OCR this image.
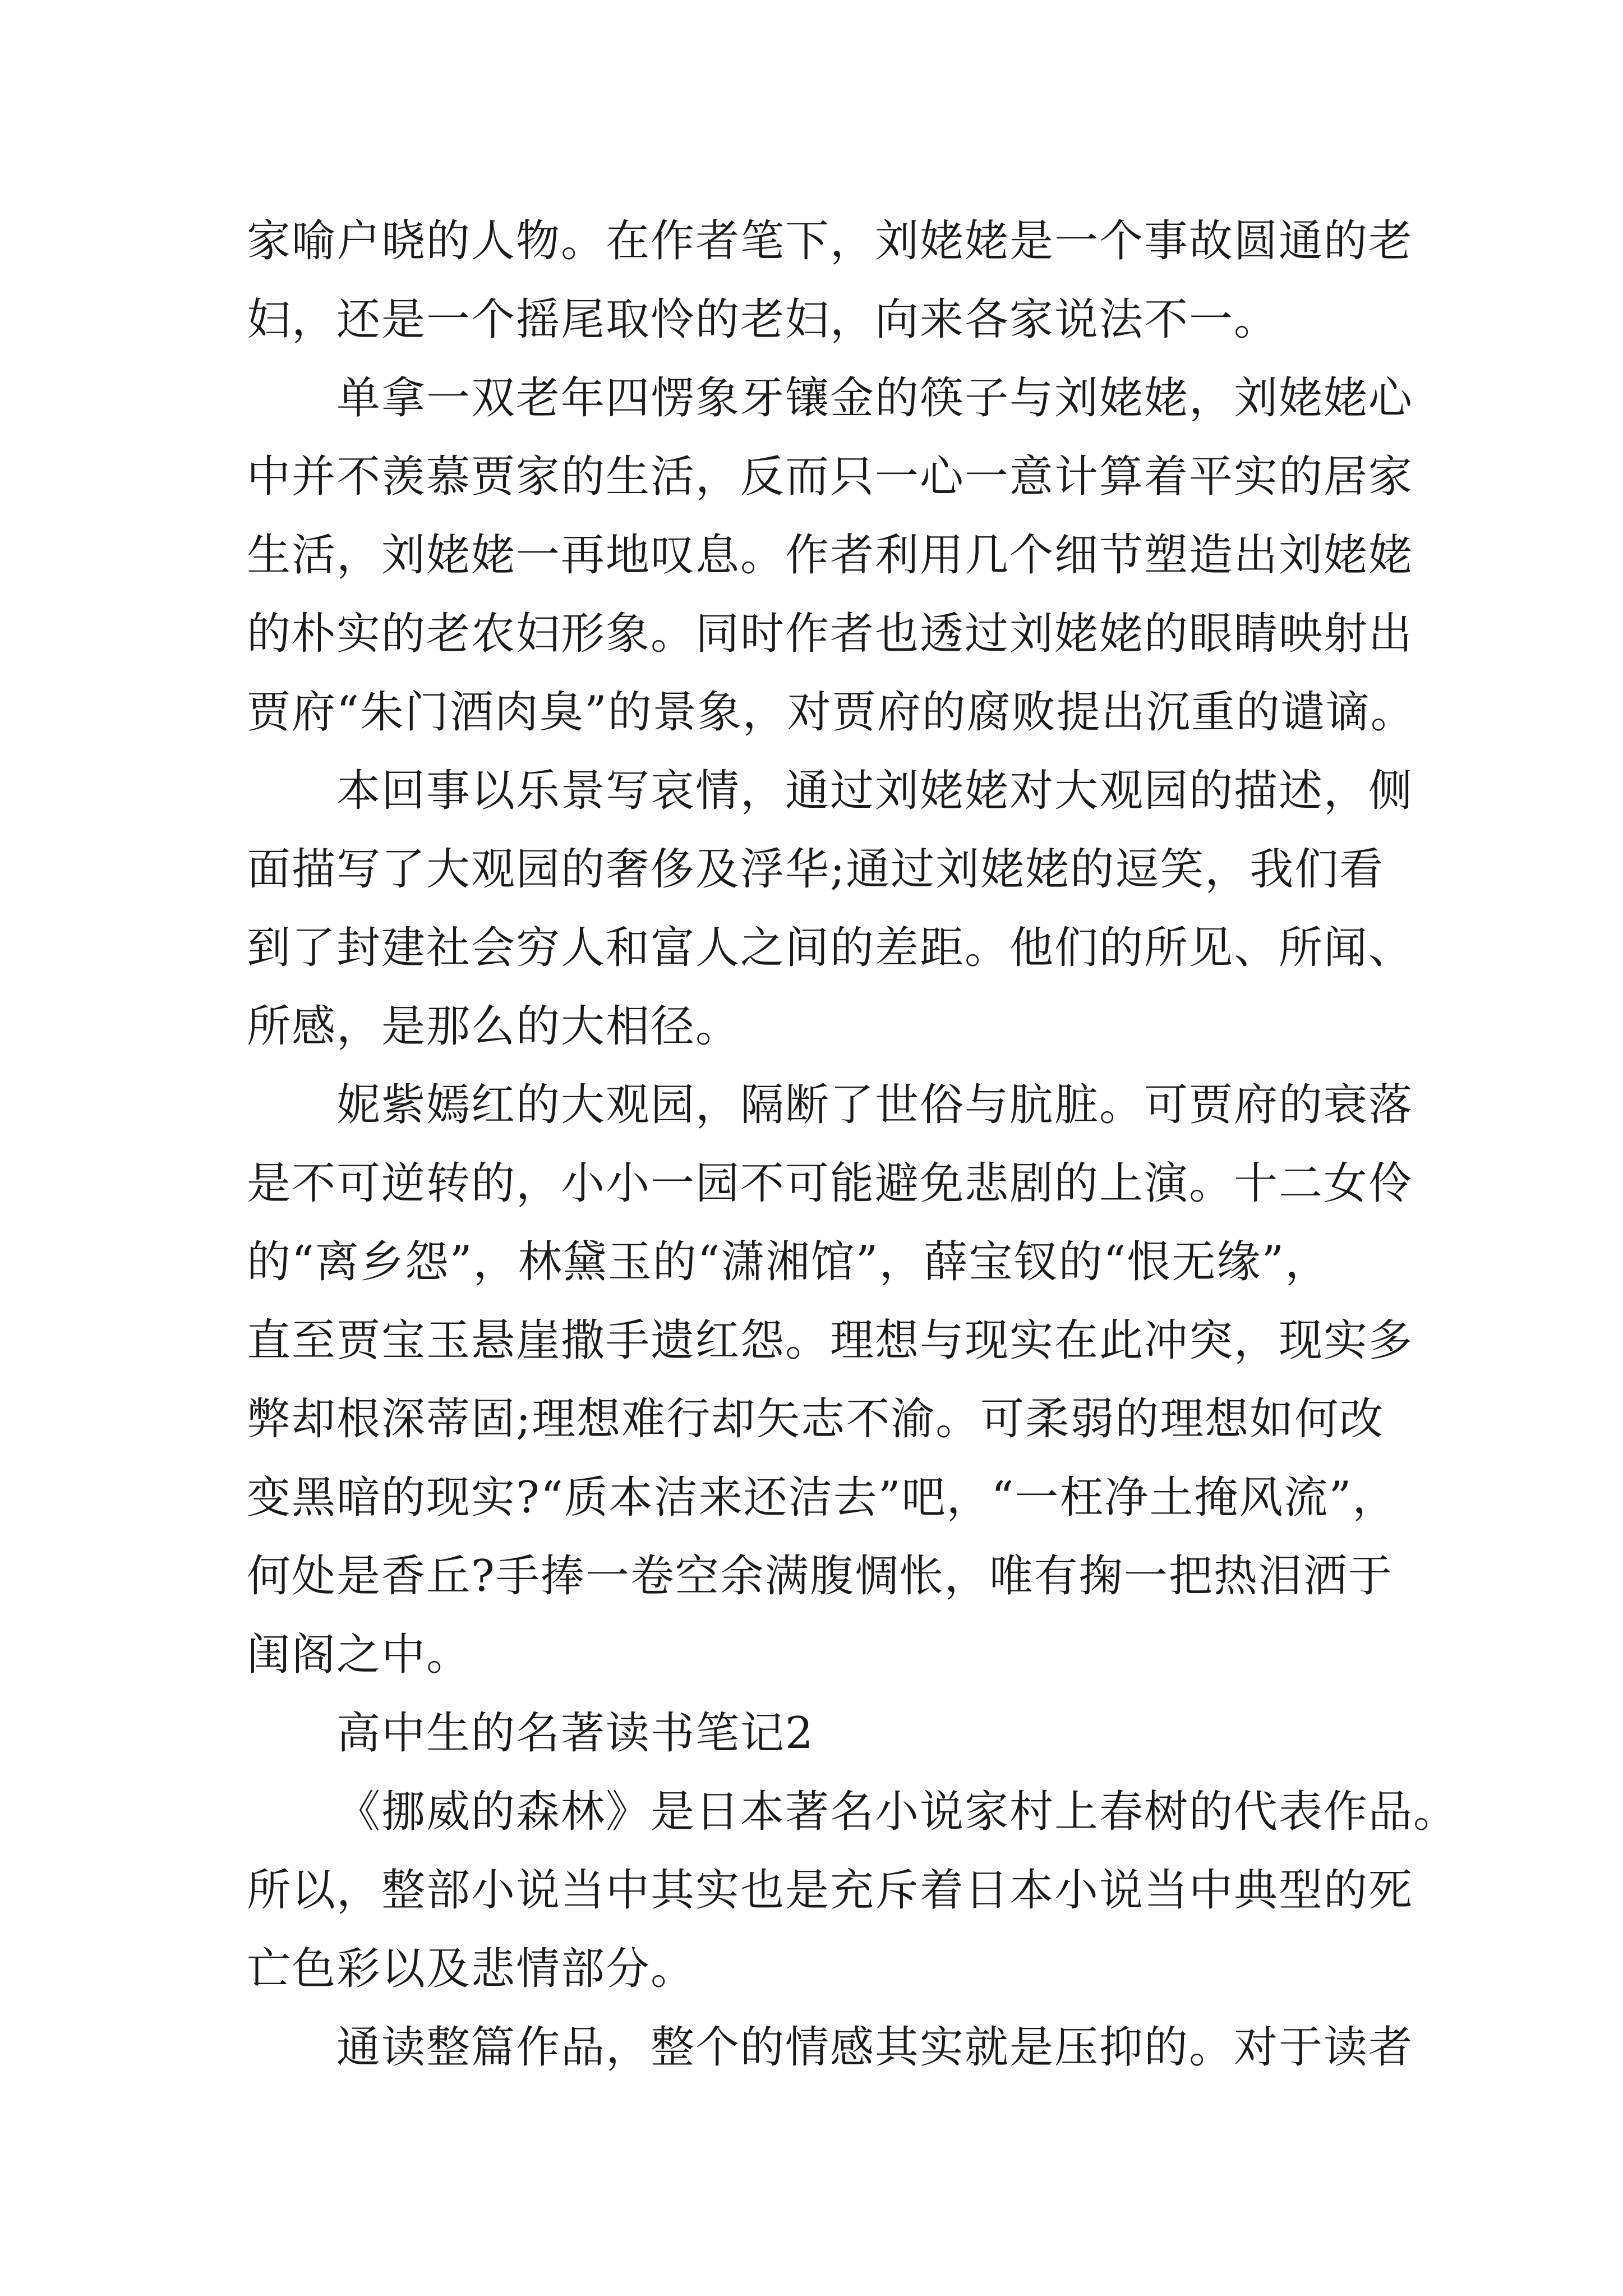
家喻户晓的人物。在作者笔下，刘姥姥是一个事故圆通的老
妇，还是一个摇尾取怜的老妇，向来各家说法不一。
单拿一双老年四愣象牙镶金的筷子与刘姥姥，刘姥姥心
中并不羡慕贾家的生活，反而只一心一意计算着平实的居家
生活，刘姥姥一再地叹息。作者利用几个细节塑造出刘姥姥
的朴实的老农妇形象。同时作者也透过刘姥姥的眼睛映射出
贾府“朱门酒肉臭”的景象，对贾府的腐败提出沉重的谴谪。
本回事以乐景写哀情，通过刘姥姥对大观园的描述，侧
面描写了大观园的奢侈及浮华;通过刘姥姥的逗笑，我们看
到了封建社会穷人和富人之间的差距。他们的所见、所闻、
所感，是那么的大相径。
妮紫嫣红的大观园，隔断了世俗与肮脏。可贾府的衰落
是不可逆转的，小小一园不可能避免悲剧的上演。十二女伶
的“离乡怨”，林黛玉的“潇湘馆”，薛宝钗的“恨无缘”，
直至贾宝玉悬崖撒手遗红怨。理想与现实在此冲突，现实多
弊却根深蒂固;理想难行却矢志不渝。可柔弱的理想如何改
变黑暗的现实?“质本洁来还洁去”吧，“一枉净土掩风流”，
何处是香丘?手捧一卷空余满腹惆怅，唯有掬一把热泪洒于
闺阁之中。
高中生的名著读书笔记2
《挪威的森林》是日本著名小说家村上春树的代表作品。
所以，整部小说当中其实也是充斥着日本小说当中典型的死
亡色彩以及悲情部分。
通读整篇作品，整个的情感其实就是压抑的。对于读者
